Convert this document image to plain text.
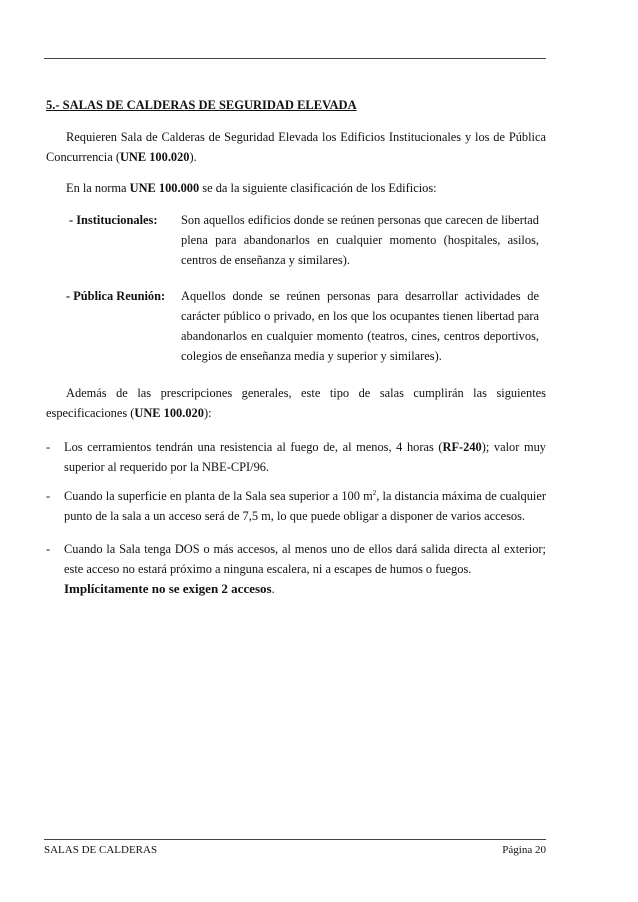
5.- SALAS DE CALDERAS DE SEGURIDAD ELEVADA

Requieren Sala de Calderas de Seguridad Elevada los Edificios Institucionales y los de Pública Concurrencia (UNE 100.020).

En la norma UNE 100.000 se da la siguiente clasificación de los Edificios:

- Institucionales: Son aquellos edificios donde se reúnen personas que carecen de libertad plena para abandonarlos en cualquier momento (hospitales, asilos, centros de enseñanza y similares).

- Pública Reunión: Aquellos donde se reúnen personas para desarrollar actividades de carácter público o privado, en los que los ocupantes tienen libertad para abandonarlos en cualquier momento (teatros, cines, centros deportivos, colegios de enseñanza media y superior y similares).

Además de las prescripciones generales, este tipo de salas cumplirán las siguientes especificaciones (UNE 100.020):

- Los cerramientos tendrán una resistencia al fuego de, al menos, 4 horas (RF-240); valor muy superior al requerido por la NBE-CPI/96.

- Cuando la superficie en planta de la Sala sea superior a 100 $m^2$, la distancia máxima de cualquier punto de la sala a un acceso será de 7,5 m, lo que puede obligar a disponer de varios accesos.

- Cuando la Sala tenga DOS o más accesos, al menos uno de ellos dará salida directa al exterior; este acceso no estará próximo a ninguna escalera, ni a escapes de humos o fuegos.
Implícitamente no se exigen 2 accesos.

SALAS DE CALDERAS	Página 20
